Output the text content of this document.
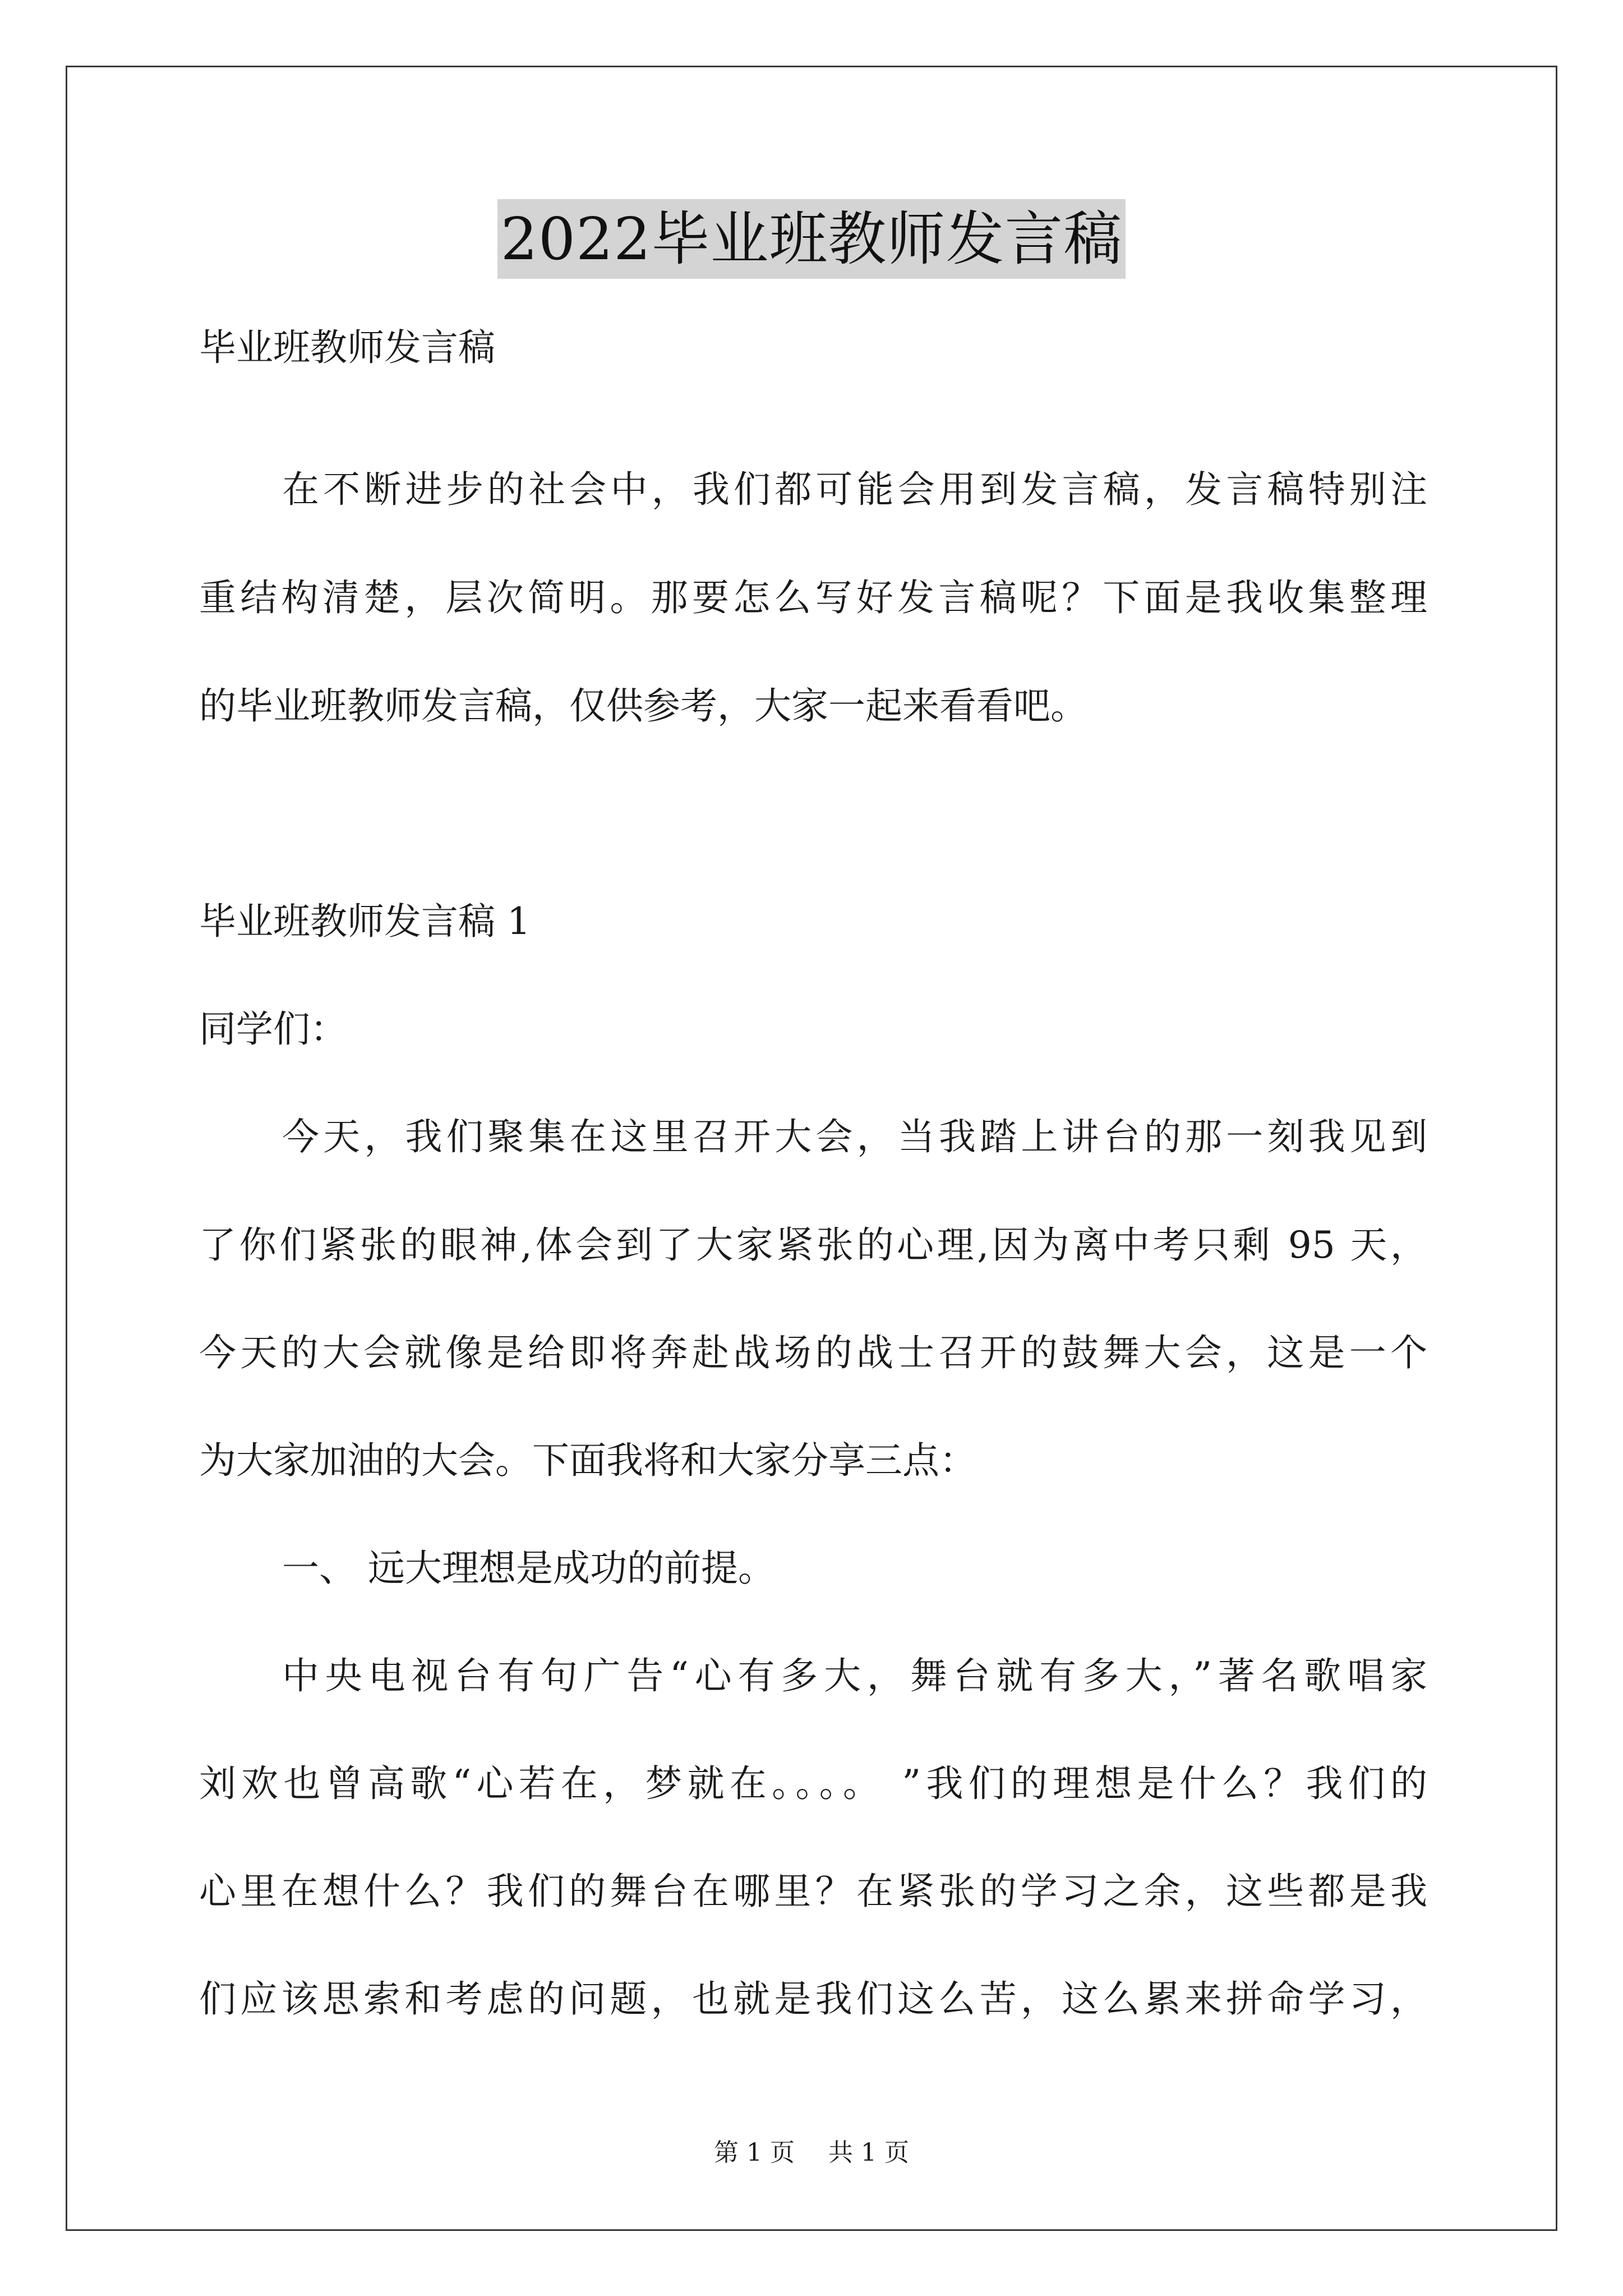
2022毕业班教师发言稿
毕业班教师发言稿
在不断进步的社会中，我们都可能会用到发言稿，发言稿特别注
重结构清楚，层次简明。那要怎么写好发言稿呢？下面是我收集整理
的毕业班教师发言稿，仅供参考，大家一起来看看吧。
毕业班教师发言稿 1
同学们：
今天，我们聚集在这里召开大会，当我踏上讲台的那一刻我见到
了你们紧张的眼神,体会到了大家紧张的心理,因为离中考只剩 95 天，
今天的大会就像是给即将奔赴战场的战士召开的鼓舞大会，这是一个
为大家加油的大会。下面我将和大家分享三点：
一、 远大理想是成功的前提。
中央电视台有句广告“心有多大，舞台就有多大，”著名歌唱家
刘欢也曾高歌“心若在，梦就在。。。。 ”我们的理想是什么？我们的
心里在想什么？我们的舞台在哪里？在紧张的学习之余，这些都是我
们应该思索和考虑的问题，也就是我们这么苦，这么累来拼命学习，
第 1 页 共 1 页
